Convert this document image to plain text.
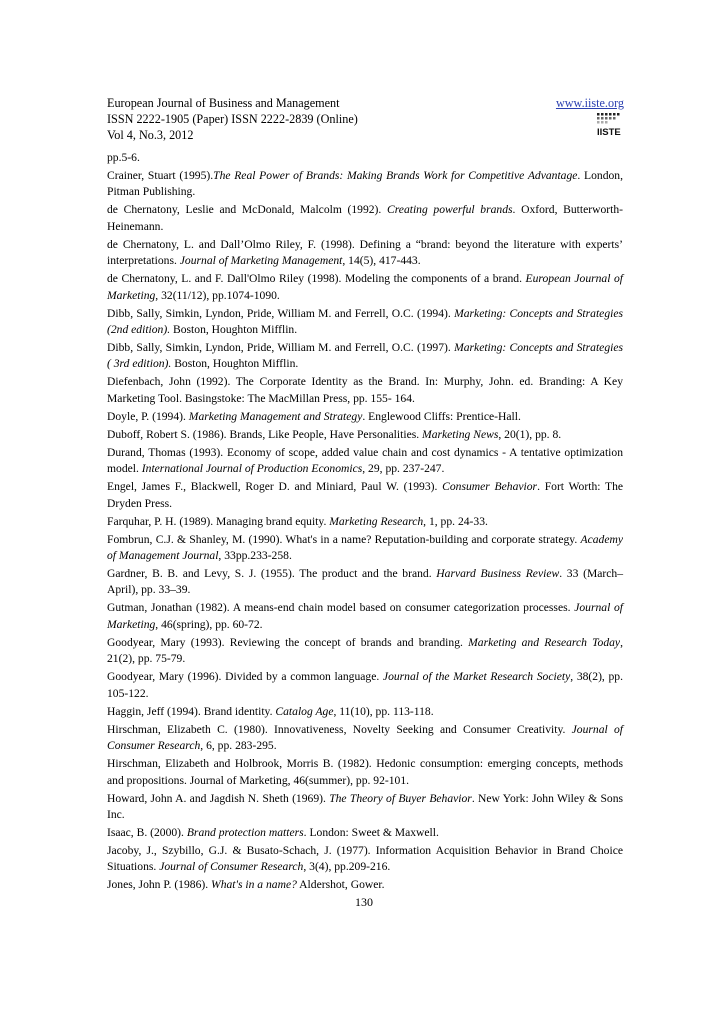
European Journal of Business and Management
ISSN 2222-1905 (Paper) ISSN 2222-2839 (Online)
Vol 4, No.3, 2012
www.iiste.org
IISTE
pp.5-6.
Crainer, Stuart (1995).The Real Power of Brands: Making Brands Work for Competitive Advantage. London, Pitman Publishing.
de Chernatony, Leslie and McDonald, Malcolm (1992). Creating powerful brands. Oxford, Butterworth-Heinemann.
de Chernatony, L. and Dall’Olmo Riley, F. (1998). Defining a “brand: beyond the literature with experts’ interpretations. Journal of Marketing Management, 14(5), 417-443.
de Chernatony, L. and F. Dall'Olmo Riley (1998). Modeling the components of a brand. European Journal of Marketing, 32(11/12), pp.1074-1090.
Dibb, Sally, Simkin, Lyndon, Pride, William M. and Ferrell, O.C. (1994). Marketing: Concepts and Strategies (2nd edition). Boston, Houghton Mifflin.
Dibb, Sally, Simkin, Lyndon, Pride, William M. and Ferrell, O.C. (1997). Marketing: Concepts and Strategies ( 3rd edition). Boston, Houghton Mifflin.
Diefenbach, John (1992). The Corporate Identity as the Brand. In: Murphy, John. ed. Branding: A Key Marketing Tool. Basingstoke: The MacMillan Press, pp. 155- 164.
Doyle, P. (1994). Marketing Management and Strategy. Englewood Cliffs: Prentice-Hall.
Duboff, Robert S. (1986). Brands, Like People, Have Personalities. Marketing News, 20(1), pp. 8.
Durand, Thomas (1993). Economy of scope, added value chain and cost dynamics - A tentative optimization model. International Journal of Production Economics, 29, pp. 237-247.
Engel, James F., Blackwell, Roger D. and Miniard, Paul W. (1993). Consumer Behavior. Fort Worth: The Dryden Press.
Farquhar, P. H. (1989). Managing brand equity. Marketing Research, 1, pp. 24-33.
Fombrun, C.J. & Shanley, M. (1990). What's in a name? Reputation-building and corporate strategy. Academy of Management Journal, 33pp.233-258.
Gardner, B. B. and Levy, S. J. (1955). The product and the brand. Harvard Business Review. 33 (March–April), pp. 33–39.
Gutman, Jonathan (1982). A means-end chain model based on consumer categorization processes. Journal of Marketing, 46(spring), pp. 60-72.
Goodyear, Mary (1993). Reviewing the concept of brands and branding. Marketing and Research Today, 21(2), pp. 75-79.
Goodyear, Mary (1996). Divided by a common language. Journal of the Market Research Society, 38(2), pp. 105-122.
Haggin, Jeff (1994). Brand identity. Catalog Age, 11(10), pp. 113-118.
Hirschman, Elizabeth C. (1980). Innovativeness, Novelty Seeking and Consumer Creativity. Journal of Consumer Research, 6, pp. 283-295.
Hirschman, Elizabeth and Holbrook, Morris B. (1982). Hedonic consumption: emerging concepts, methods and propositions. Journal of Marketing, 46(summer), pp. 92-101.
Howard, John A. and Jagdish N. Sheth (1969). The Theory of Buyer Behavior. New York: John Wiley & Sons Inc.
Isaac, B. (2000). Brand protection matters. London: Sweet & Maxwell.
Jacoby, J., Szybillo, G.J. & Busato-Schach, J. (1977). Information Acquisition Behavior in Brand Choice Situations. Journal of Consumer Research, 3(4), pp.209-216.
Jones, John P. (1986). What's in a name? Aldershot, Gower.
130
